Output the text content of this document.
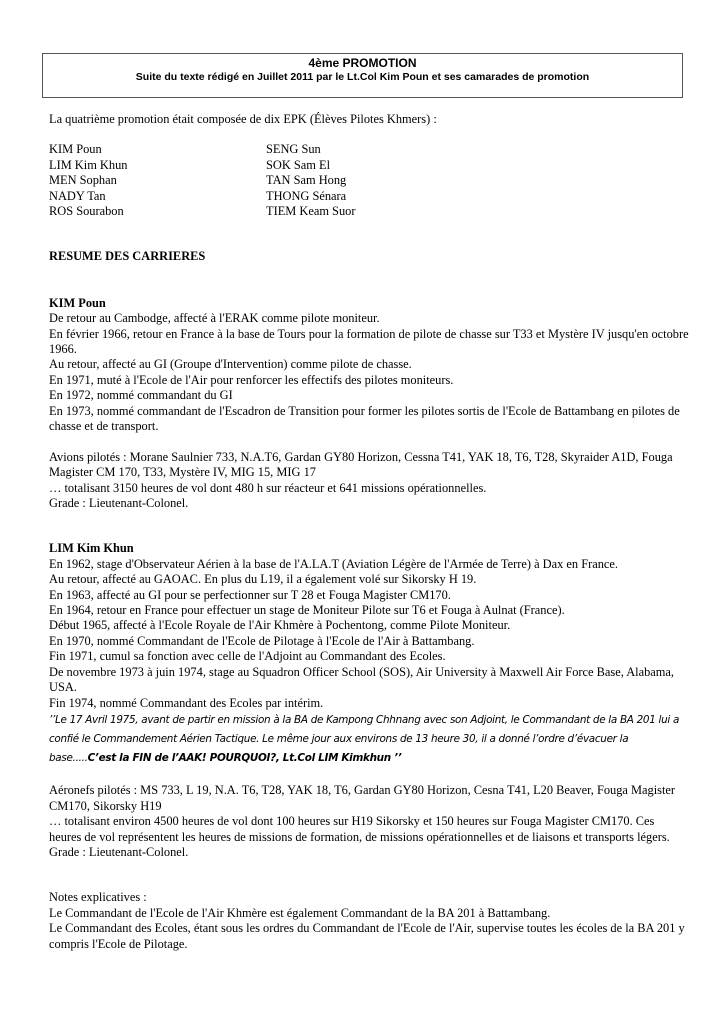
4ème PROMOTION
Suite du texte rédigé en Juillet 2011 par le Lt.Col Kim Poun et ses camarades de promotion

La quatrième promotion était composée de dix EPK (Élèves Pilotes Khmers) :

KIM Poun
LIM Kim Khun
MEN Sophan
NADY Tan
ROS Sourabon
SENG Sun
SOK Sam El
TAN Sam Hong
THONG Sénara
TIEM Keam Suor

RESUME DES CARRIERES

KIM Poun

De retour au Cambodge, affecté à l'ERAK comme pilote moniteur.

En février 1966, retour en France à la base de Tours pour la formation de pilote de chasse sur T33 et Mystère IV jusqu'en octobre 1966.

Au retour, affecté au GI (Groupe d'Intervention) comme pilote de chasse.

En 1971, muté à l'Ecole de l'Air pour renforcer les effectifs des pilotes moniteurs.

En 1972, nommé commandant du GI

En 1973, nommé commandant de l'Escadron de Transition pour former les pilotes sortis de l'Ecole de Battambang en pilotes de chasse et de transport.

Avions pilotés : Morane Saulnier 733, N.A.T6, Gardan GY80 Horizon, Cessna T41, YAK 18, T6, T28, Skyraider A1D, Fouga Magister CM 170, T33, Mystère IV, MIG 15, MIG 17

… totalisant 3150 heures de vol dont 480 h sur réacteur et 641 missions opérationnelles.

Grade : Lieutenant-Colonel.

LIM Kim Khun

En 1962, stage d'Observateur Aérien à la base de l'A.LA.T (Aviation Légère de l'Armée de Terre) à Dax en France.

Au retour, affecté au GAOAC. En plus du L19, il a également volé sur Sikorsky H 19.

En 1963, affecté au GI pour se perfectionner sur T 28 et Fouga Magister CM170.

En 1964, retour en France pour effectuer un stage de Moniteur Pilote sur T6 et Fouga à Aulnat (France).

Début 1965, affecté à l'Ecole Royale de l'Air Khmère à Pochentong, comme Pilote Moniteur.

En 1970, nommé Commandant de l'Ecole de Pilotage à l'Ecole de l'Air à Battambang.

Fin 1971, cumul sa fonction avec celle de l'Adjoint au Commandant des Ecoles.

De novembre 1973 à juin 1974, stage au Squadron Officer School (SOS), Air University à Maxwell Air Force Base, Alabama, USA.

Fin 1974, nommé Commandant des Ecoles par intérim.

’’Le 17 Avril 1975, avant de partir en mission à la BA de Kampong Chhnang avec son Adjoint, le Commandant de la BA 201 lui a confié le Commandement Aérien Tactique. Le même jour aux environs de 13 heure 30, il a donné l’ordre d’évacuer la base.....C’est la FIN de l’AAK! POURQUOI?, Lt.Col LIM Kimkhun ’’

Aéronefs pilotés : MS 733, L 19, N.A. T6, T28, YAK 18, T6, Gardan GY80 Horizon, Cesna T41, L20 Beaver, Fouga Magister CM170, Sikorsky H19

… totalisant environ 4500 heures de vol dont 100 heures sur H19 Sikorsky et 150 heures sur Fouga Magister CM170. Ces heures de vol représentent les heures de missions de formation, de missions opérationnelles et de liaisons et transports légers.

Grade : Lieutenant-Colonel.

Notes explicatives :

Le Commandant de l'Ecole de l'Air Khmère est également Commandant de la BA 201 à Battambang.

Le Commandant des Ecoles, étant sous les ordres du Commandant de l'Ecole de l'Air, supervise toutes les écoles de la BA 201 y compris l'Ecole de Pilotage.
